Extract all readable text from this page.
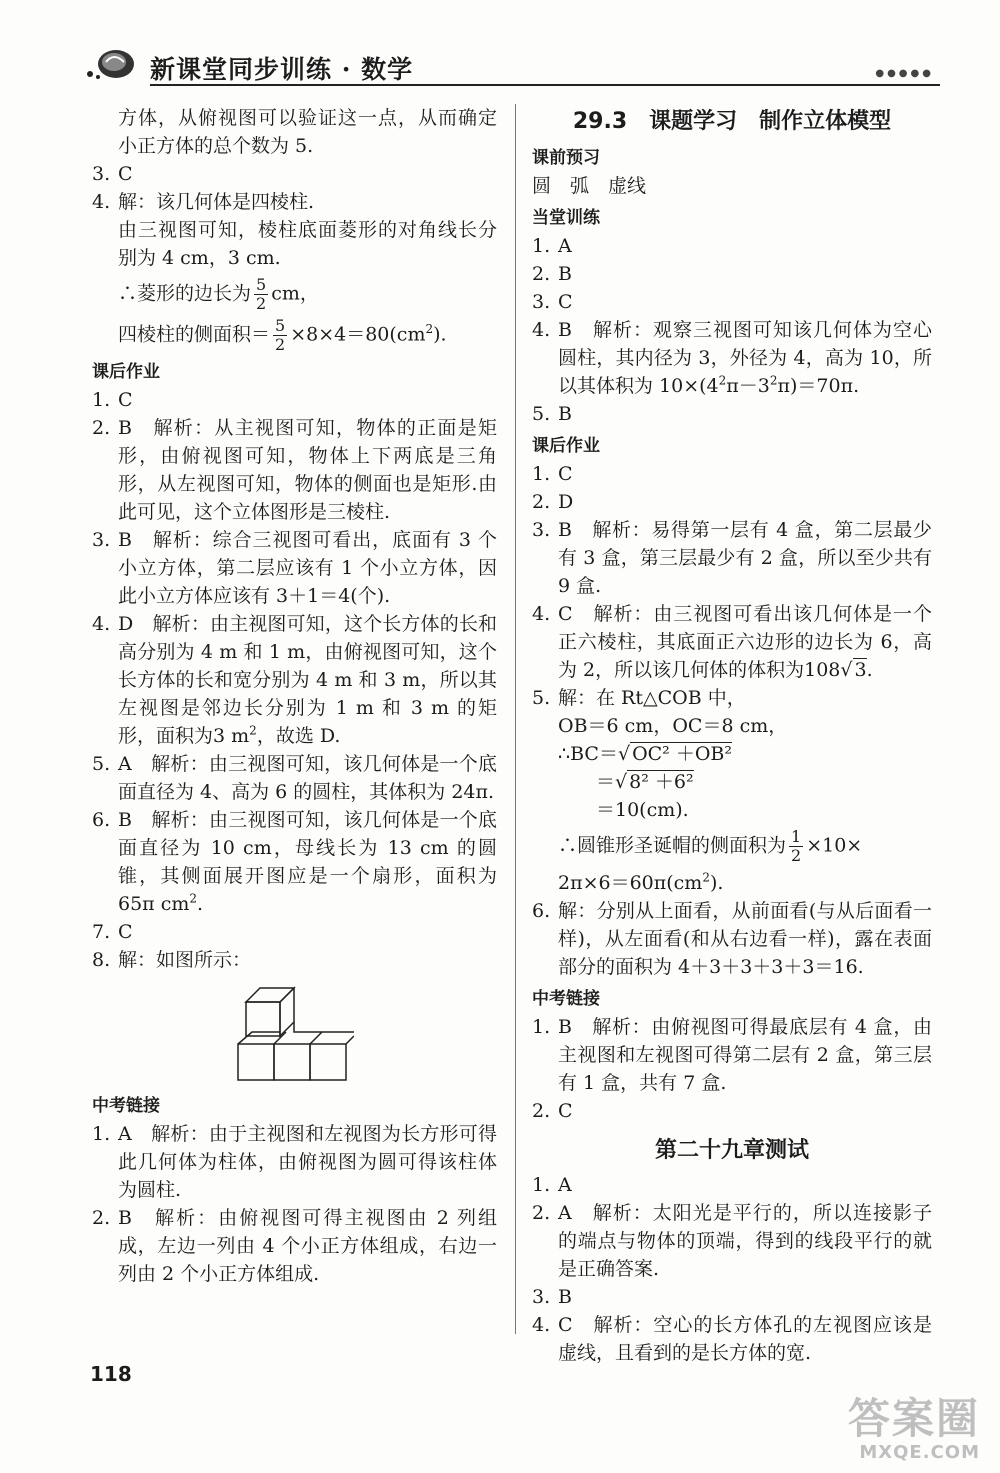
新课堂同步训练 · 数学	●●●●●
方体，从俯视图可以验证这一点，从而确定小正方体的总个数为 5.
3. C
4. 解：该几何体是四棱柱.
由三视图可知，棱柱底面菱形的对角线长分别为 4 cm，3 cm.
∴菱形的边长为 $\frac{5}{2}$ cm，
四棱柱的侧面积＝ $\frac{5}{2} \times 8\times 4=80(cm^2)$.
课后作业
1. C
2. B　解析：从主视图可知，物体的正面是矩形，由俯视图可知，物体上下两底是三角形，从左视图可知，物体的侧面也是矩形.由此可见，这个立体图形是三棱柱.
3. B　解析：综合三视图可看出，底面有 3 个小立方体，第二层应该有 1 个小立方体，因此小立方体应该有 3＋1＝4(个).
4. D　解析：由主视图可知，这个长方体的长和高分别为 4 m 和 1 m，由俯视图可知，这个长方体的长和宽分别为 4 m 和 3 m，所以其左视图是邻边长分别为 1 m 和 3 m 的矩形，面积为3 $m^2$，故选 D.
5. A　解析：由三视图可知，该几何体是一个底面直径为 4、高为 6 的圆柱，其体积为 24π.
6. B　解析：由三视图可知，该几何体是一个底面直径为 10 cm，母线长为 13 cm 的圆锥，其侧面展开图应是一个扇形，面积为 65π $cm^2$.
7. C
8. 解：如图所示：
中考链接
1. A　解析：由于主视图和左视图为长方形可得此几何体为柱体，由俯视图为圆可得该柱体为圆柱.
2. B　解析：由俯视图可得主视图由 2 列组成，左边一列由 4 个小正方体组成，右边一列由 2 个小正方体组成.
29.3　课题学习　制作立体模型
课前预习
圆　弧　虚线
当堂训练
1. A
2. B
3. C
4. B　解析：观察三视图可知该几何体为空心圆柱，其内径为 3，外径为 4，高为 10，所以其体积为 $10\times(4^2\pi-3^2\pi)=70\pi$.
5. B
课后作业
1. C
2. D
3. B　解析：易得第一层有 4 盒，第二层最少有 3 盒，第三层最少有 2 盒，所以至少共有 9 盒.
4. C　解析：由三视图可看出该几何体是一个正六棱柱，其底面正六边形的边长为 6，高为 2，所以该几何体的体积为108√ 3.
5. 解：在 Rt△COB 中，
OB＝6 cm，OC＝8 cm，
∴BC＝√ OC² ＋OB²
＝√ 8² ＋6²
＝10(cm).
∴圆锥形圣诞帽的侧面积为 $\frac{1}{2} \times 10\times$
$2\pi\times 6=60\pi(cm^2)$.
6. 解：分别从上面看，从前面看(与从后面看一样)，从左面看(和从右边看一样)，露在表面部分的面积为 4＋3＋3＋3＋3＝16.
中考链接
1. B　解析：由俯视图可得最底层有 4 盒，由主视图和左视图可得第二层有 2 盒，第三层有 1 盒，共有 7 盒.
2. C
第二十九章测试
1. A
2. A　解析：太阳光是平行的，所以连接影子的端点与物体的顶端，得到的线段平行的就是正确答案.
3. B
4. C　解析：空心的长方体孔的左视图应该是虚线，且看到的是长方体的宽.
118
答案圈
MXQE.COM
